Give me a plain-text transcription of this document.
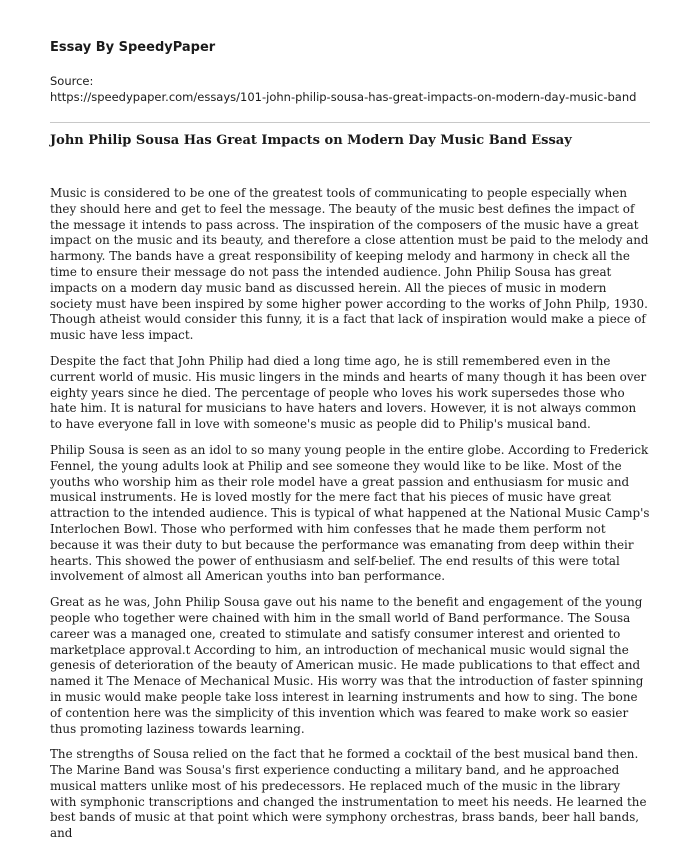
Essay By SpeedyPaper

Source:

https://speedypaper.com/essays/101-john-philip-sousa-has-great-impacts-on-modern-day-music-band

John Philip Sousa Has Great Impacts on Modern Day Music Band Essay

Music is considered to be one of the greatest tools of communicating to people especially when they should here and get to feel the message. The beauty of the music best defines the impact of the message it intends to pass across. The inspiration of the composers of the music have a great impact on the music and its beauty, and therefore a close attention must be paid to the melody and harmony. The bands have a great responsibility of keeping melody and harmony in check all the time to ensure their message do not pass the intended audience. John Philip Sousa has great impacts on a modern day music band as discussed herein. All the pieces of music in modern society must have been inspired by some higher power according to the works of John Philp, 1930. Though atheist would consider this funny, it is a fact that lack of inspiration would make a piece of music have less impact.

Despite the fact that John Philip had died a long time ago, he is still remembered even in the current world of music. His music lingers in the minds and hearts of many though it has been over eighty years since he died. The percentage of people who loves his work supersedes those who hate him. It is natural for musicians to have haters and lovers. However, it is not always common to have everyone fall in love with someone's music as people did to Philip's musical band.

Philip Sousa is seen as an idol to so many young people in the entire globe. According to Frederick Fennel, the young adults look at Philip and see someone they would like to be like. Most of the youths who worship him as their role model have a great passion and enthusiasm for music and musical instruments. He is loved mostly for the mere fact that his pieces of music have great attraction to the intended audience. This is typical of what happened at the National Music Camp's Interlochen Bowl. Those who performed with him confesses that he made them perform not because it was their duty to but because the performance was emanating from deep within their hearts. This showed the power of enthusiasm and self-belief. The end results of this were total involvement of almost all American youths into ban performance.

Great as he was, John Philip Sousa gave out his name to the benefit and engagement of the young people who together were chained with him in the small world of Band performance. The Sousa career was a managed one, created to stimulate and satisfy consumer interest and oriented to marketplace approval.t According to him, an introduction of mechanical music would signal the genesis of deterioration of the beauty of American music. He made publications to that effect and named it The Menace of Mechanical Music. His worry was that the introduction of faster spinning in music would make people take loss interest in learning instruments and how to sing. The bone of contention here was the simplicity of this invention which was feared to make work so easier thus promoting laziness towards learning.

The strengths of Sousa relied on the fact that he formed a cocktail of the best musical band then. The Marine Band was Sousa's first experience conducting a military band, and he approached musical matters unlike most of his predecessors. He replaced much of the music in the library with symphonic transcriptions and changed the instrumentation to meet his needs. He learned the best bands of music at that point which were symphony orchestras, brass bands, beer hall bands, and
